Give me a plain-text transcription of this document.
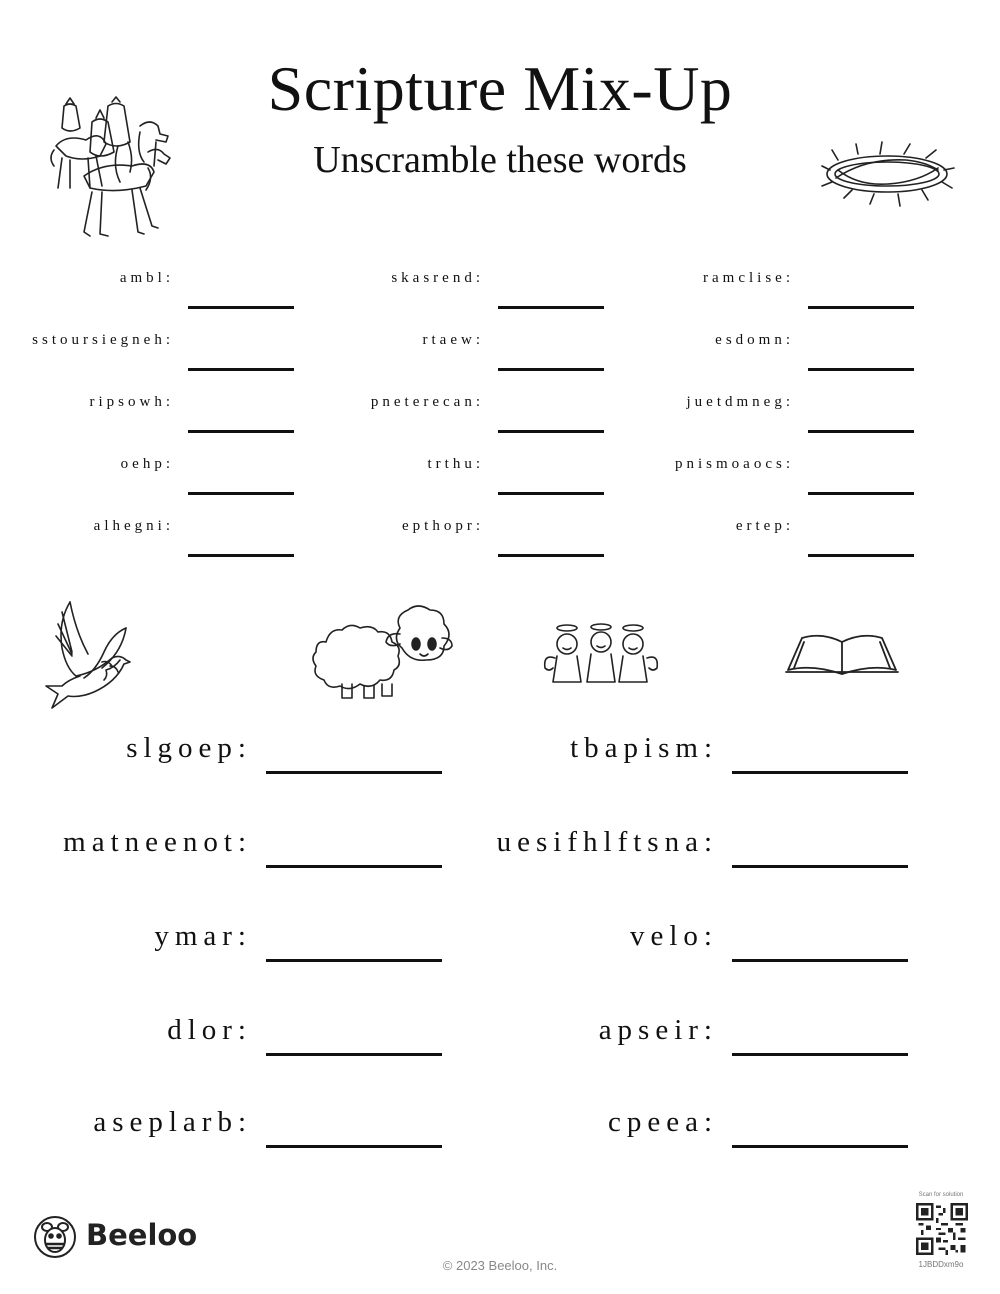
Scripture Mix-Up
Unscramble these words
ambl:
sstoursiegneh:
ripsowh:
oehp:
alhegni:
skasrend:
rtaew:
pneterecan:
trthu:
epthopr:
ramclise:
esdomn:
juetdmneg:
pnismoaocs:
ertep:
slgoep:
matneenot:
ymar:
dlor:
aseplarb:
tbapism:
uesifhlftsna:
velo:
apseir:
cpeea:
Beeloo
© 2023 Beeloo, Inc.
Scan for solution
1JBDDxm9o
